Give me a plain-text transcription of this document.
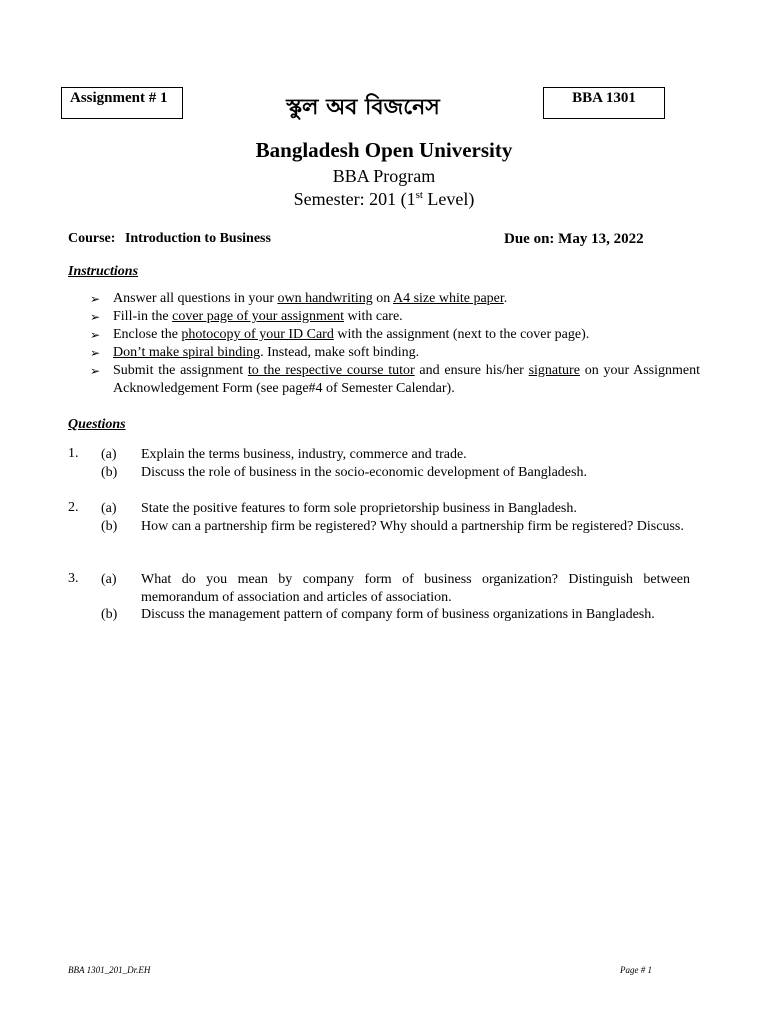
Assignment # 1	স্কুল অব বিজনেস	BBA 1301
Bangladesh Open University
BBA Program
Semester: 201 (1st Level)
Course: Introduction to Business	Due on: May 13, 2022
Instructions
➢ Answer all questions in your own handwriting on A4 size white paper.
➢ Fill-in the cover page of your assignment with care.
➢ Enclose the photocopy of your ID Card with the assignment (next to the cover page).
➢ Don’t make spiral binding. Instead, make soft binding.
➢ Submit the assignment to the respective course tutor and ensure his/her signature on your Assignment Acknowledgement Form (see page#4 of Semester Calendar).
Questions
1. (a) Explain the terms business, industry, commerce and trade.
(b) Discuss the role of business in the socio-economic development of Bangladesh.
2. (a) State the positive features to form sole proprietorship business in Bangladesh.
(b) How can a partnership firm be registered? Why should a partnership firm be registered? Discuss.
3. (a) What do you mean by company form of business organization? Distinguish between memorandum of association and articles of association.
(b) Discuss the management pattern of company form of business organizations in Bangladesh.
BBA 1301_201_Dr.EH	Page # 1
